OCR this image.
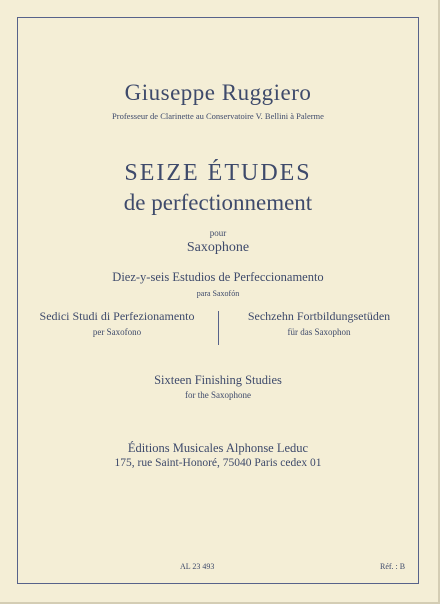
Giuseppe Ruggiero
Professeur de Clarinette au Conservatoire V. Bellini à Palerme
SEIZE ÉTUDES
de perfectionnement
pour
Saxophone
Diez-y-seis Estudios de Perfeccionamento
para Saxofón
Sedici Studi di Perfezionamento
per Saxofono
Sechzehn Fortbildungsetüden
für das Saxophon
Sixteen Finishing Studies
for the Saxophone
Éditions Musicales Alphonse Leduc
175, rue Saint-Honoré, 75040 Paris cedex 01
AL 23 493	Réf. : B
